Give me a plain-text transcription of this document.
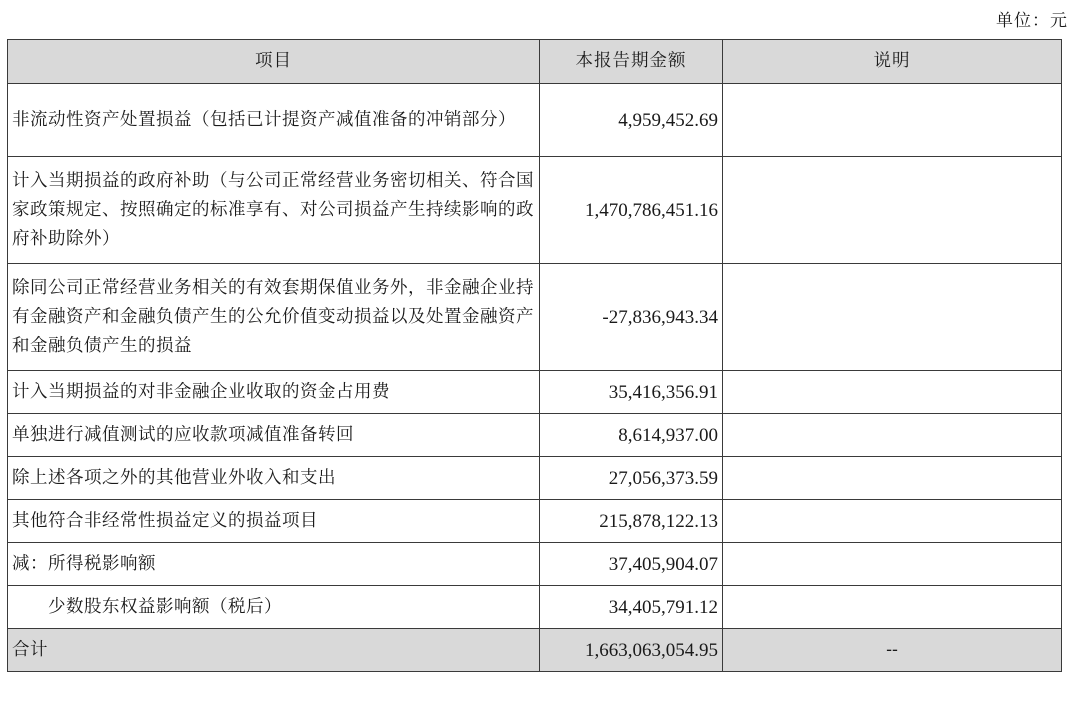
单位：元
项目	本报告期金额	说明
非流动性资产处置损益（包括已计提资产减值准备的冲销部分）	4,959,452.69	
计入当期损益的政府补助（与公司正常经营业务密切相关、符合国家政策规定、按照确定的标准享有、对公司损益产生持续影响的政府补助除外）	1,470,786,451.16	
除同公司正常经营业务相关的有效套期保值业务外，非金融企业持有金融资产和金融负债产生的公允价值变动损益以及处置金融资产和金融负债产生的损益	-27,836,943.34	
计入当期损益的对非金融企业收取的资金占用费	35,416,356.91	
单独进行减值测试的应收款项减值准备转回	8,614,937.00	
除上述各项之外的其他营业外收入和支出	27,056,373.59	
其他符合非经常性损益定义的损益项目	215,878,122.13	
减：所得税影响额	37,405,904.07	
少数股东权益影响额（税后）	34,405,791.12	
合计	1,663,063,054.95	--
